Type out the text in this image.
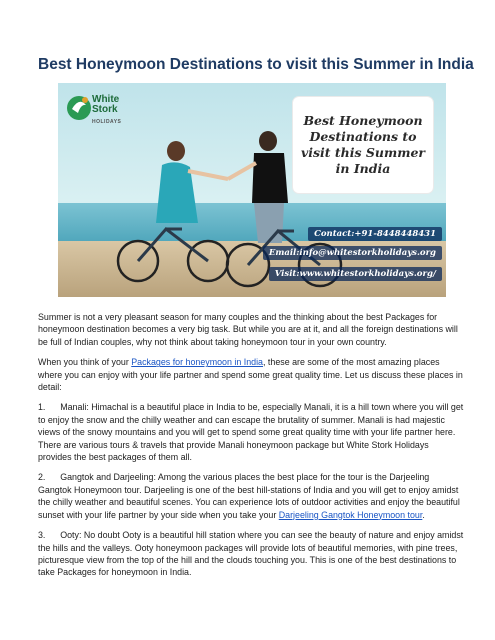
Best Honeymoon Destinations to visit this Summer in India
White
Stork
HOLIDAYS	Best Honeymoon Destinations to visit this Summer in India
Contact:+91-8448448431
Email:info@whitestorkholidays.org
Visit:www.whitestorkholidays.org/

Summer is not a very pleasant season for many couples and the thinking about the best Packages for honeymoon destination becomes a very big task. But while you are at it, and all the foreign destinations will be full of Indian couples, why not think about taking honeymoon tour in your own country.

When you think of your Packages for honeymoon in India, these are some of the most amazing places where you can enjoy with your life partner and spend some great quality time. Let us discuss these places in detail:

1.      Manali: Himachal is a beautiful place in India to be, especially Manali, it is a hill town where you will get to enjoy the snow and the chilly weather and can escape the brutality of summer. Manali is had majestic views of the snowy mountains and you will get to spend some great quality time with your life partner here. There are various tours & travels that provide Manali honeymoon package but White Stork Holidays provides the best packages of them all.

2.      Gangtok and Darjeeling: Among the various places the best place for the tour is the Darjeeling Gangtok Honeymoon tour. Darjeeling is one of the best hill-stations of India and you will get to enjoy amidst the chilly weather and beautiful scenes. You can experience lots of outdoor activities and enjoy the beautiful sunset with your life partner by your side when you take your Darjeeling Gangtok Honeymoon tour.

3.      Ooty: No doubt Ooty is a beautiful hill station where you can see the beauty of nature and enjoy amidst the hills and the valleys. Ooty honeymoon packages will provide lots of beautiful memories, with pine trees, picturesque view from the top of the hill and the clouds touching you. This is one of the best destinations to take Packages for honeymoon in India.
